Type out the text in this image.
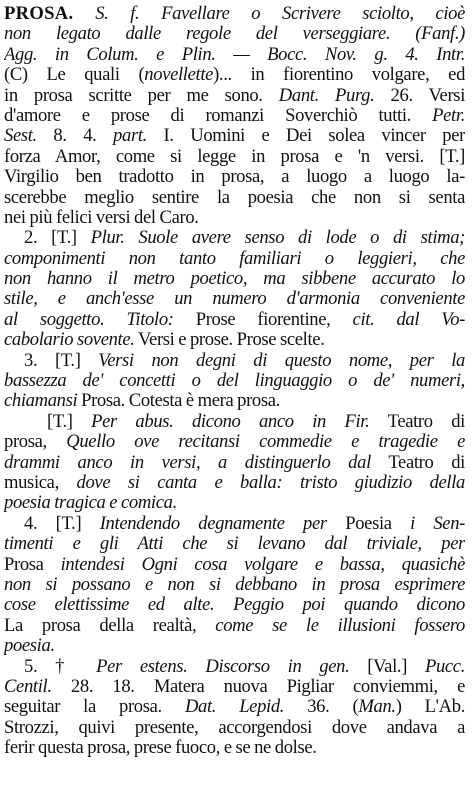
PROSA. S. f. Favellare o Scrivere sciolto, cioè
non legato dalle regole del verseggiare. (Fanf.)
Agg. in Colum. e Plin. — Bocc. Nov. g. 4. Intr.
(C) Le quali (novellette)... in fiorentino volgare, ed
in prosa scritte per me sono. Dant. Purg. 26. Versi
d'amore e prose di romanzi Soverchiò tutti. Petr.
Sest. 8. 4. part. I. Uomini e Dei solea vincer per
forza Amor, come si legge in prosa e 'n versi. [T.]
Virgilio ben tradotto in prosa, a luogo a luogo la-
scerebbe meglio sentire la poesia che non si senta
nei più felici versi del Caro.
2. [T.] Plur. Suole avere senso di lode o di stima;
componimenti non tanto familiari o leggieri, che
non hanno il metro poetico, ma sibbene accurato lo
stile, e anch'esse un numero d'armonia conveniente
al soggetto. Titolo: Prose fiorentine, cit. dal Vo-
cabolario sovente. Versi e prose. Prose scelte.
3. [T.] Versi non degni di questo nome, per la
bassezza de' concetti o del linguaggio o de' numeri,
chiamansi Prosa. Cotesta è mera prosa.
[T.] Per abus. dicono anco in Fir. Teatro di
prosa, Quello ove recitansi commedie e tragedie e
drammi anco in versi, a distinguerlo dal Teatro di
musica, dove si canta e balla: tristo giudizio della
poesia tragica e comica.
4. [T.] Intendendo degnamente per Poesia i Sen-
timenti e gli Atti che si levano dal triviale, per
Prosa intendesi Ogni cosa volgare e bassa, quasichè
non si possano e non si debbano in prosa esprimere
cose elettissime ed alte. Peggio poi quando dicono
La prosa della realtà, come se le illusioni fossero
poesia.
5. † Per estens. Discorso in gen. [Val.] Pucc.
Centil. 28. 18. Matera nuova Pigliar conviemmi, e
seguitar la prosa. Dat. Lepid. 36. (Man.) L'Ab.
Strozzi, quivi presente, accorgendosi dove andava a
ferir questa prosa, prese fuoco, e se ne dolse.
